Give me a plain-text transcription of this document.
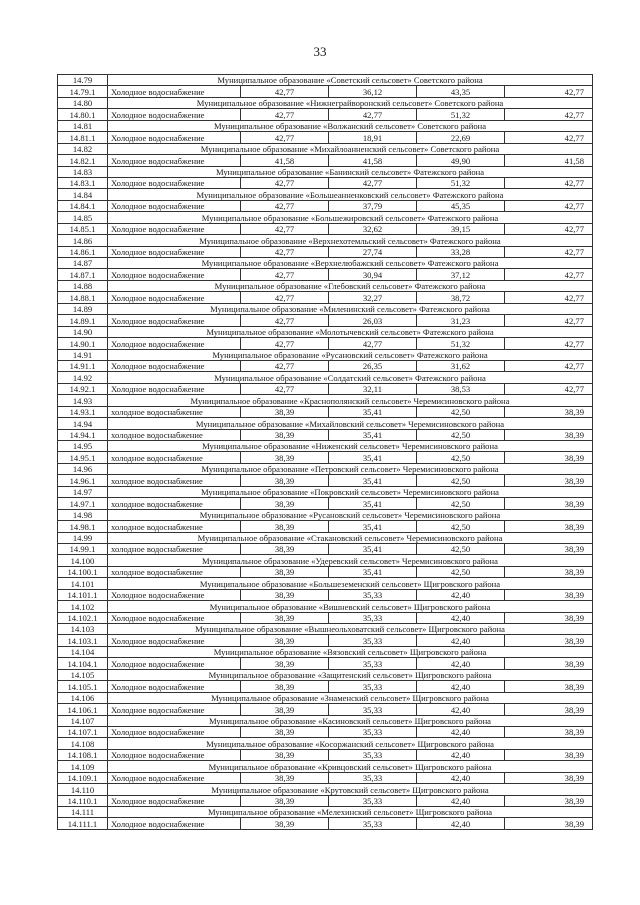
33
14.79	Муниципальное образование «Советский сельсовет» Советского района				
14.79.1	Холодное водоснабжение	42,77	36,12	43,35	42,77
14.80	Муниципальное образование «Нижнеграйворонский сельсовет» Советского района				
14.80.1	Холодное водоснабжение	42,77	42,77	51,32	42,77
14.81	Муниципальное образование «Волжанский сельсовет» Советского района				
14.81.1	Холодное водоснабжение	42,77	18,91	22,69	42,77
14.82	Муниципальное образование «Михайлоанненский сельсовет» Советского района				
14.82.1	Холодное водоснабжение	41,58	41,58	49,90	41,58
14.83	Муниципальное образование «Банинский сельсовет» Фатежского района				
14.83.1	Холодное водоснабжение	42,77	42,77	51,32	42,77
14.84	Муниципальное образование «Большеанненковский сельсовет» Фатежского района				
14.84.1	Холодное водоснабжение	42,77	37,79	45,35	42,77
14.85	Муниципальное образование «Большежировский сельсовет» Фатежского района				
14.85.1	Холодное водоснабжение	42,77	32,62	39,15	42,77
14.86	Муниципальное образование «Верхнехотемльский сельсовет» Фатежского района				
14.86.1	Холодное водоснабжение	42,77	27,74	33,28	42,77
14.87	Муниципальное образование «Верхнелюбажский сельсовет» Фатежского района				
14.87.1	Холодное водоснабжение	42,77	30,94	37,12	42,77
14.88	Муниципальное образование «Глебовский сельсовет» Фатежского района				
14.88.1	Холодное водоснабжение	42,77	32,27	38,72	42,77
14.89	Муниципальное образование «Миленинский сельсовет» Фатежского района				
14.89.1	Холодное водоснабжение	42,77	26,03	31,23	42,77
14.90	Муниципальное образование «Молотычевский сельсовет» Фатежского района				
14.90.1	Холодное водоснабжение	42,77	42,77	51,32	42,77
14.91	Муниципальное образование «Русановский сельсовет» Фатежского района				
14.91.1	Холодное водоснабжение	42,77	26,35	31,62	42,77
14.92	Муниципальное образование «Солдатский сельсовет» Фатежского района				
14.92.1	Холодное водоснабжение	42,77	32,11	38,53	42,77
14.93	Муниципальное образование «Краснополянский сельсовет» Черемисиновского района				
14.93.1	холодное водоснабжение	38,39	35,41	42,50	38,39
14.94	Муниципальное образование «Михайловский сельсовет» Черемисиновского района				
14.94.1	холодное водоснабжение	38,39	35,41	42,50	38,39
14.95	Муниципальное образование «Ниженский сельсовет» Черемисиновского района				
14.95.1	холодное водоснабжение	38,39	35,41	42,50	38,39
14.96	Муниципальное образование «Петровский сельсовет» Черемисиновского района				
14.96.1	холодное водоснабжение	38,39	35,41	42,50	38,39
14.97	Муниципальное образование «Покровский сельсовет» Черемисиновского района				
14.97.1	холодное водоснабжение	38,39	35,41	42,50	38,39
14.98	Муниципальное образование «Русановский сельсовет» Черемисиновского района				
14.98.1	холодное водоснабжение	38,39	35,41	42,50	38,39
14.99	Муниципальное образование «Стакановский сельсовет» Черемисиновского района				
14.99.1	холодное водоснабжение	38,39	35,41	42,50	38,39
14.100	Муниципальное образование «Удеревский сельсовет» Черемисиновского района				
14.100.1	холодное водоснабжение	38,39	35,41	42,50	38,39
14.101	Муниципальное образование «Большеземенский сельсовет» Щигровского района				
14.101.1	Холодное водоснабжение	38,39	35,33	42,40	38,39
14.102	Муниципальное образование «Вишневский сельсовет» Щигровского района				
14.102.1	Холодное водоснабжение	38,39	35,33	42,40	38,39
14.103	Муниципальное образование «Вышнеольховатский сельсовет» Щигровского района				
14.103.1	Холодное водоснабжение	38,39	35,33	42,40	38,39
14.104	Муниципальное образование «Вязовский сельсовет» Щигровского района				
14.104.1	Холодное водоснабжение	38,39	35,33	42,40	38,39
14.105	Муниципальное образование «Защитенский сельсовет» Щигровского района				
14.105.1	Холодное водоснабжение	38,39	35,33	42,40	38,39
14.106	Муниципальное образование «Знаменский сельсовет» Щигровского района				
14.106.1	Холодное водоснабжение	38,39	35,33	42,40	38,39
14.107	Муниципальное образование «Касиновский сельсовет» Щигровского района				
14.107.1	Холодное водоснабжение	38,39	35,33	42,40	38,39
14.108	Муниципальное образование «Косоржанский сельсовет» Щигровского района				
14.108.1	Холодное водоснабжение	38,39	35,33	42,40	38,39
14.109	Муниципальное образование «Кривцовский сельсовет» Щигровского района				
14.109.1	Холодное водоснабжение	38,39	35,33	42,40	38,39
14.110	Муниципальное образование «Крутовский сельсовет» Щигровского района				
14.110.1	Холодное водоснабжение	38,39	35,33	42,40	38,39
14.111	Муниципальное образование «Мелехинский сельсовет» Щигровского района				
14.111.1	Холодное водоснабжение	38,39	35,33	42,40	38,39
